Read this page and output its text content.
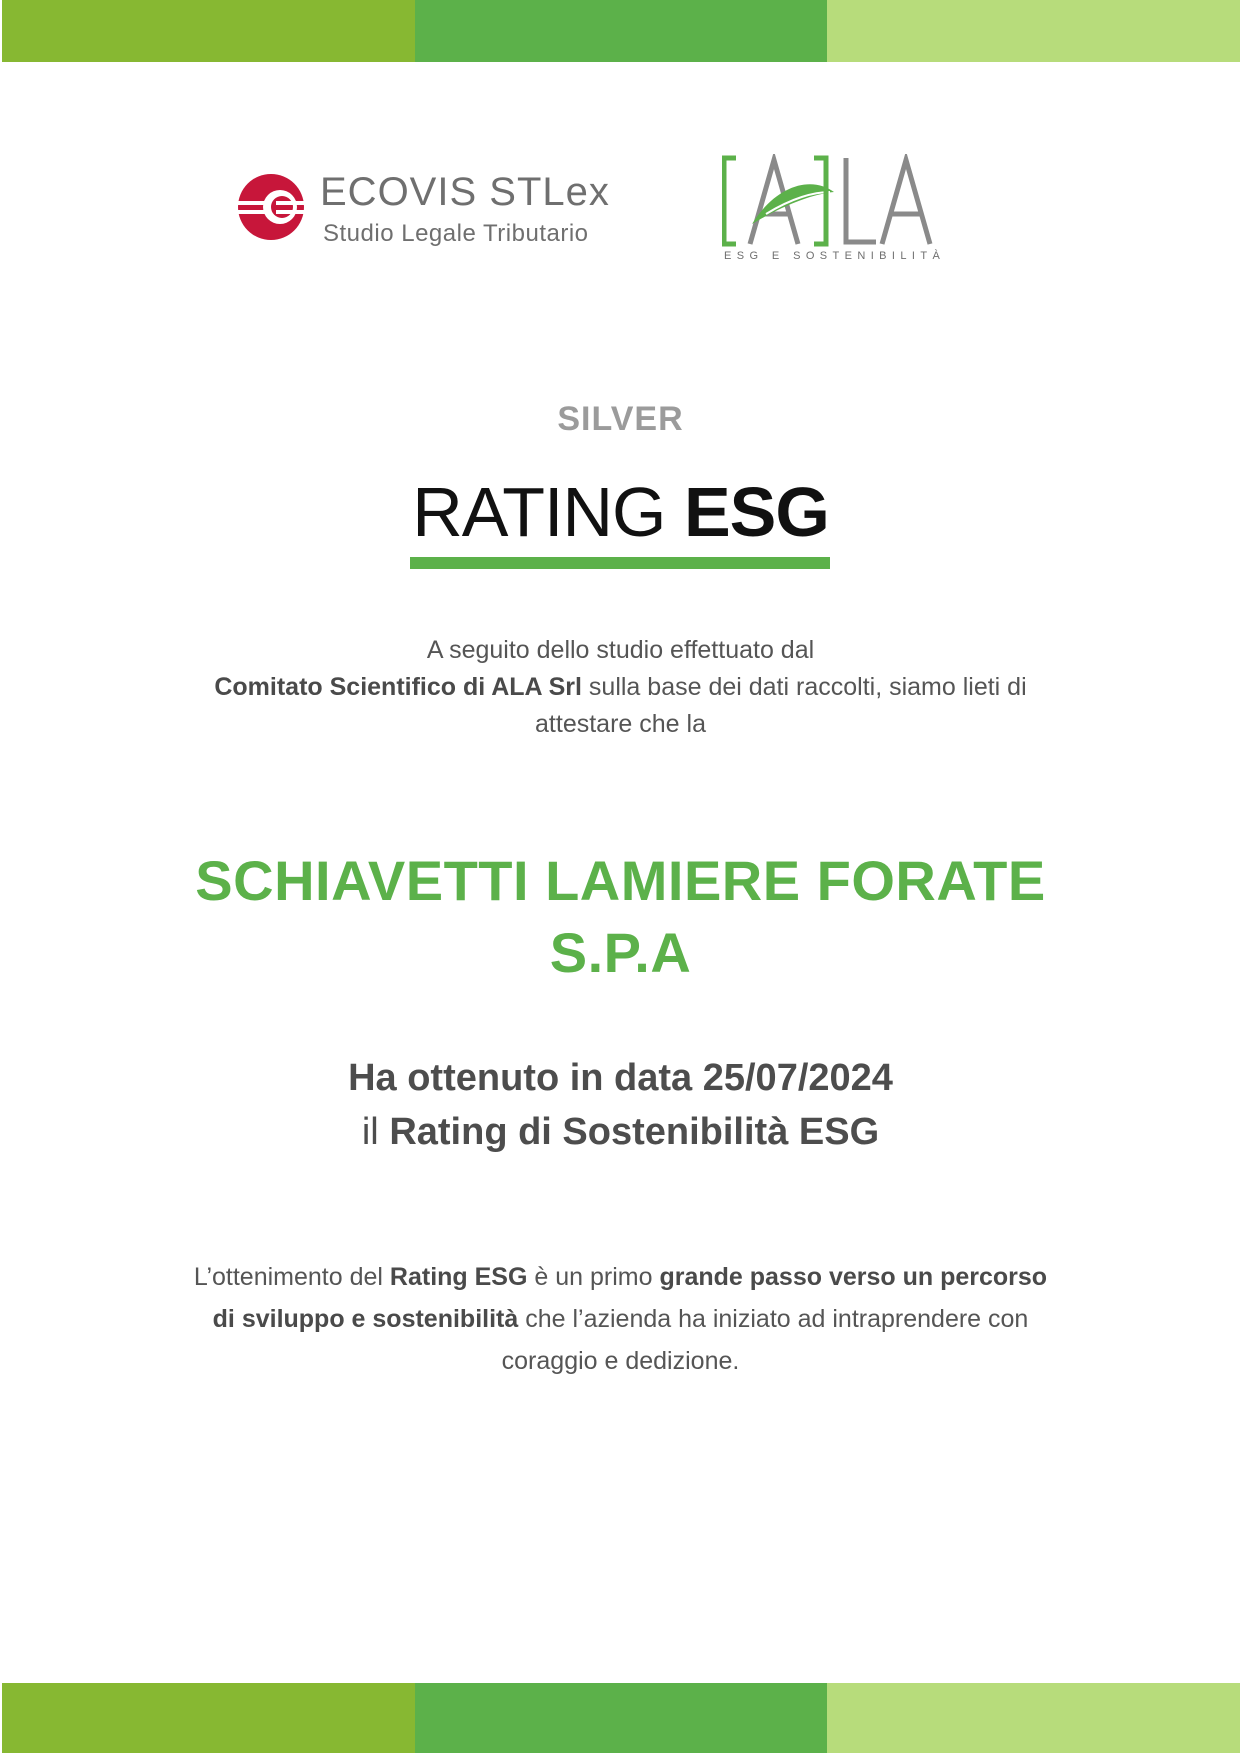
ECOVIS STLex
Studio Legale Tributario
ESG E SOSTENIBILITÀ
SILVER
RATING ESG
A seguito dello studio effettuato dal
Comitato Scientifico di ALA Srl sulla base dei dati raccolti, siamo lieti di
attestare che la
SCHIAVETTI LAMIERE FORATE
S.P.A
Ha ottenuto in data 25/07/2024
il Rating di Sostenibilità ESG
L’ottenimento del Rating ESG è un primo grande passo verso un percorso
di sviluppo e sostenibilità che l’azienda ha iniziato ad intraprendere con
coraggio e dedizione.
